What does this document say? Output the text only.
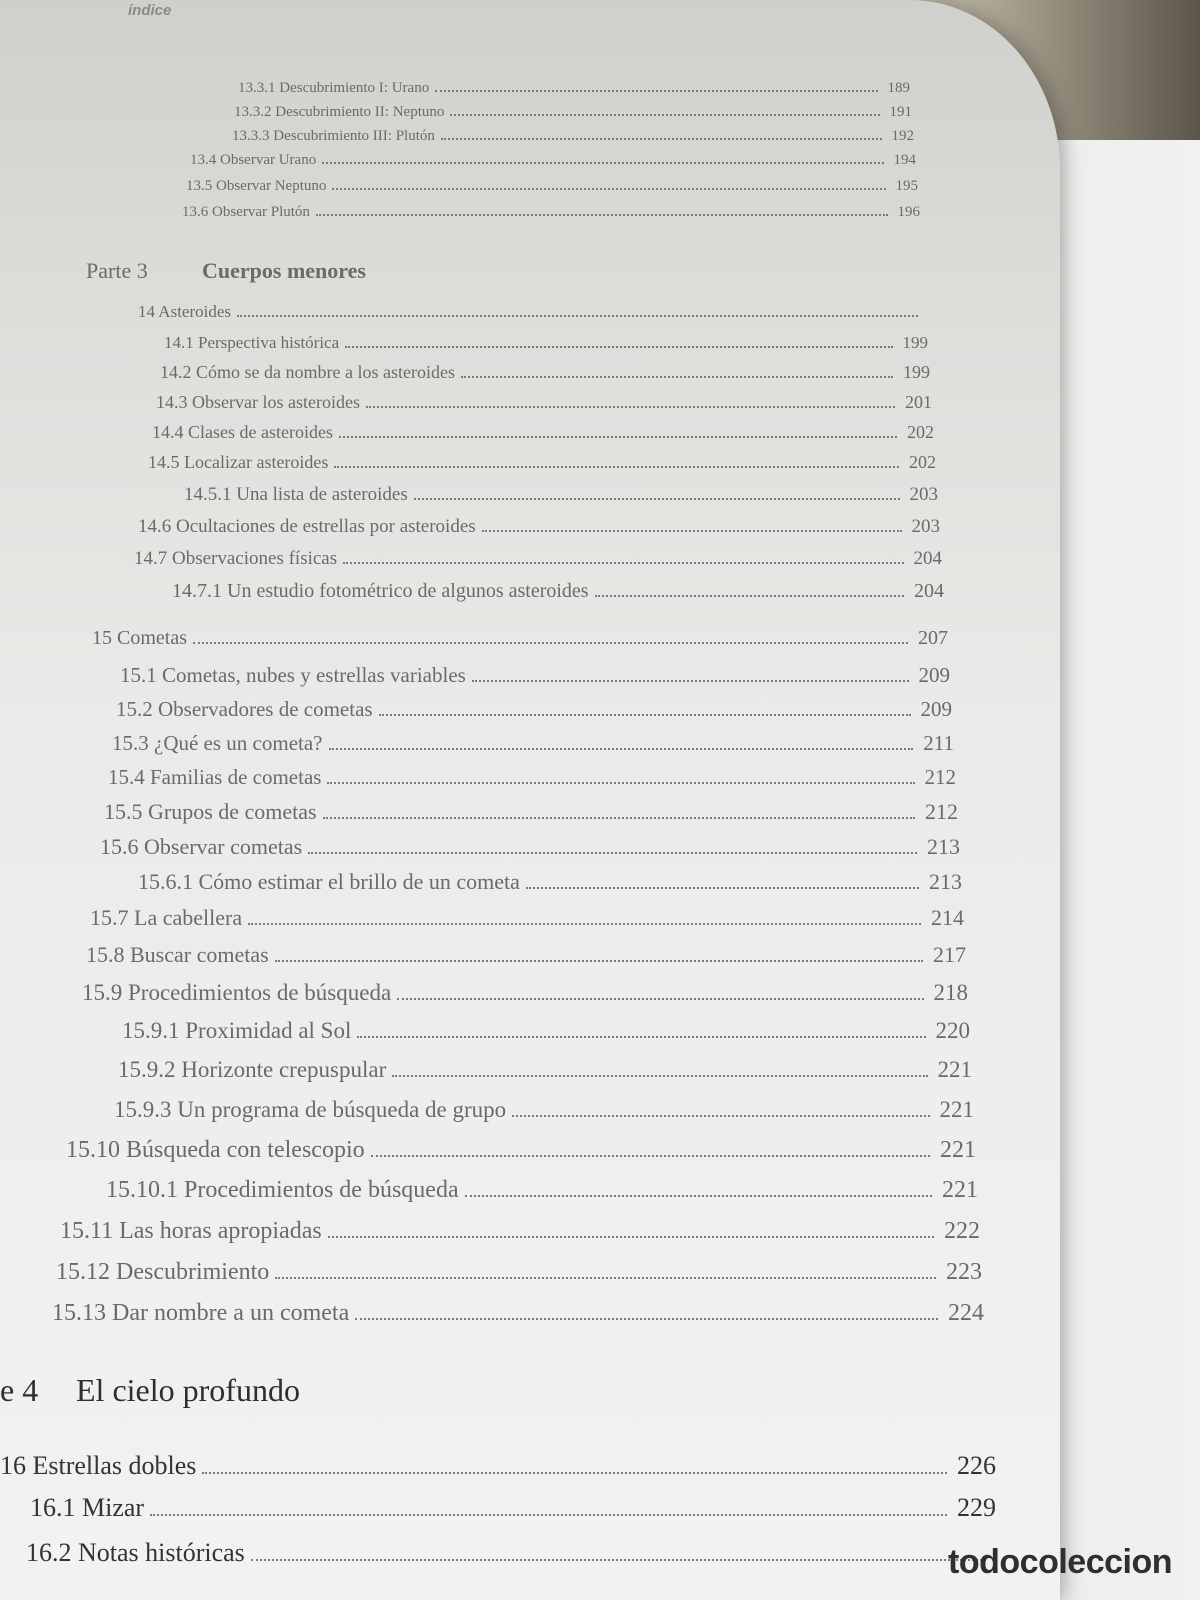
índice
Parte 3 Cuerpos menores
e 4 El cielo profundo
13.3.1 Descubrimiento I: Urano	189
13.3.2 Descubrimiento II: Neptuno	191
13.3.3 Descubrimiento III: Plutón	192
13.4 Observar Urano	194
13.5 Observar Neptuno	195
13.6 Observar Plutón	196
14 Asteroides
14.1 Perspectiva histórica	199
14.2 Cómo se da nombre a los asteroides	199
14.3 Observar los asteroides	201
14.4 Clases de asteroides	202
14.5 Localizar asteroides	202
14.5.1 Una lista de asteroides	203
14.6 Ocultaciones de estrellas por asteroides	203
14.7 Observaciones físicas	204
14.7.1 Un estudio fotométrico de algunos asteroides	204
15 Cometas	207
15.1 Cometas, nubes y estrellas variables	209
15.2 Observadores de cometas	209
15.3 ¿Qué es un cometa?	211
15.4 Familias de cometas	212
15.5 Grupos de cometas	212
15.6 Observar cometas	213
15.6.1 Cómo estimar el brillo de un cometa	213
15.7 La cabellera	214
15.8 Buscar cometas	217
15.9 Procedimientos de búsqueda	218
15.9.1 Proximidad al Sol	220
15.9.2 Horizonte crepuspular	221
15.9.3 Un programa de búsqueda de grupo	221
15.10 Búsqueda con telescopio	221
15.10.1 Procedimientos de búsqueda	221
15.11 Las horas apropiadas	222
15.12 Descubrimiento	223
15.13 Dar nombre a un cometa	224
16 Estrellas dobles	226
16.1 Mizar	229
16.2 Notas históricas	todocoleccion
